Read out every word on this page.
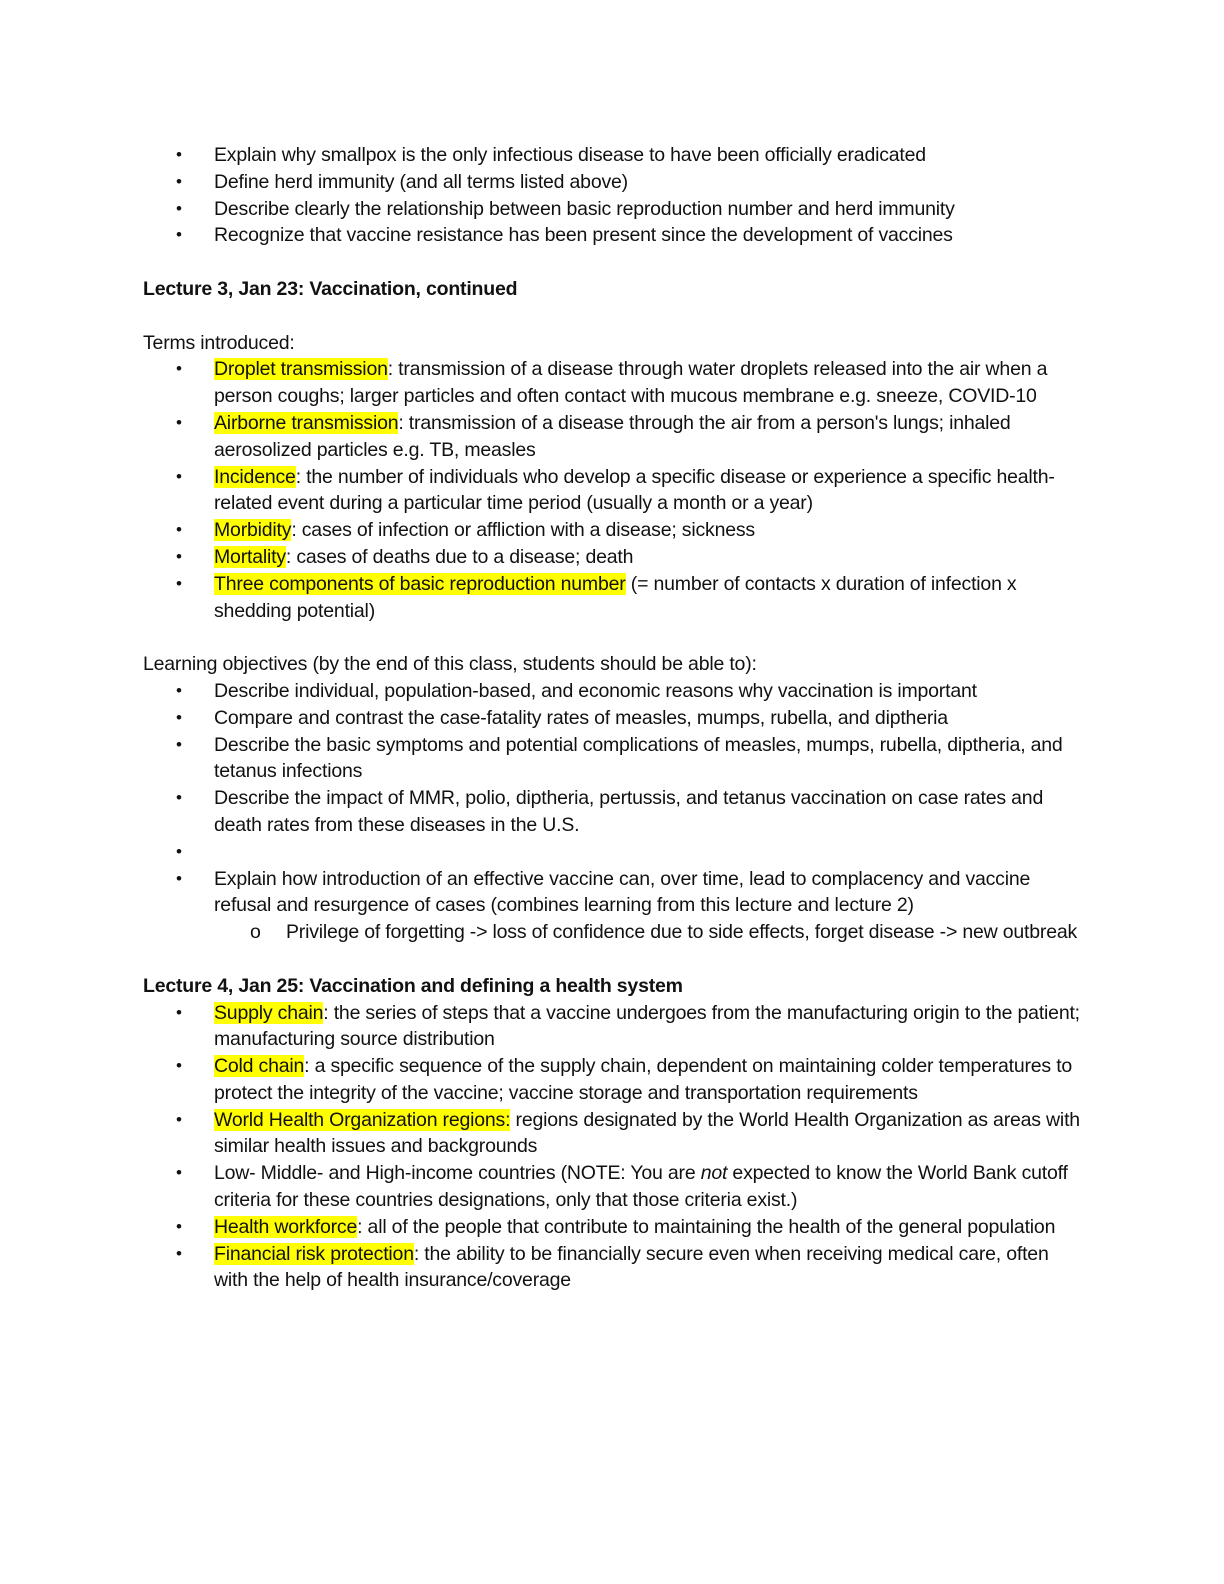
• Explain why smallpox is the only infectious disease to have been officially eradicated
• Define herd immunity (and all terms listed above)
• Describe clearly the relationship between basic reproduction number and herd immunity
• Recognize that vaccine resistance has been present since the development of vaccines

Lecture 3, Jan 23: Vaccination, continued

Terms introduced:

• Droplet transmission: transmission of a disease through water droplets released into the air when a person coughs; larger particles and often contact with mucous membrane e.g. sneeze, COVID-10
• Airborne transmission: transmission of a disease through the air from a person's lungs; inhaled aerosolized particles e.g. TB, measles
• Incidence: the number of individuals who develop a specific disease or experience a specific health-related event during a particular time period (usually a month or a year)
• Morbidity: cases of infection or affliction with a disease; sickness
• Mortality: cases of deaths due to a disease; death
• Three components of basic reproduction number (= number of contacts x duration of infection x shedding potential)

Learning objectives (by the end of this class, students should be able to):

• Describe individual, population-based, and economic reasons why vaccination is important
• Compare and contrast the case-fatality rates of measles, mumps, rubella, and diptheria
• Describe the basic symptoms and potential complications of measles, mumps, rubella, diptheria, and tetanus infections
• Describe the impact of MMR, polio, diptheria, pertussis, and tetanus vaccination on case rates and death rates from these diseases in the U.S.
•
• Explain how introduction of an effective vaccine can, over time, lead to complacency and vaccine refusal and resurgence of cases (combines learning from this lecture and lecture 2)
o Privilege of forgetting -> loss of confidence due to side effects, forget disease -> new outbreak

Lecture 4, Jan 25: Vaccination and defining a health system

• Supply chain: the series of steps that a vaccine undergoes from the manufacturing origin to the patient; manufacturing source distribution
• Cold chain: a specific sequence of the supply chain, dependent on maintaining colder temperatures to protect the integrity of the vaccine; vaccine storage and transportation requirements
• World Health Organization regions: regions designated by the World Health Organization as areas with similar health issues and backgrounds
• Low- Middle- and High-income countries (NOTE: You are not expected to know the World Bank cutoff criteria for these countries designations, only that those criteria exist.)
• Health workforce: all of the people that contribute to maintaining the health of the general population
• Financial risk protection: the ability to be financially secure even when receiving medical care, often with the help of health insurance/coverage
